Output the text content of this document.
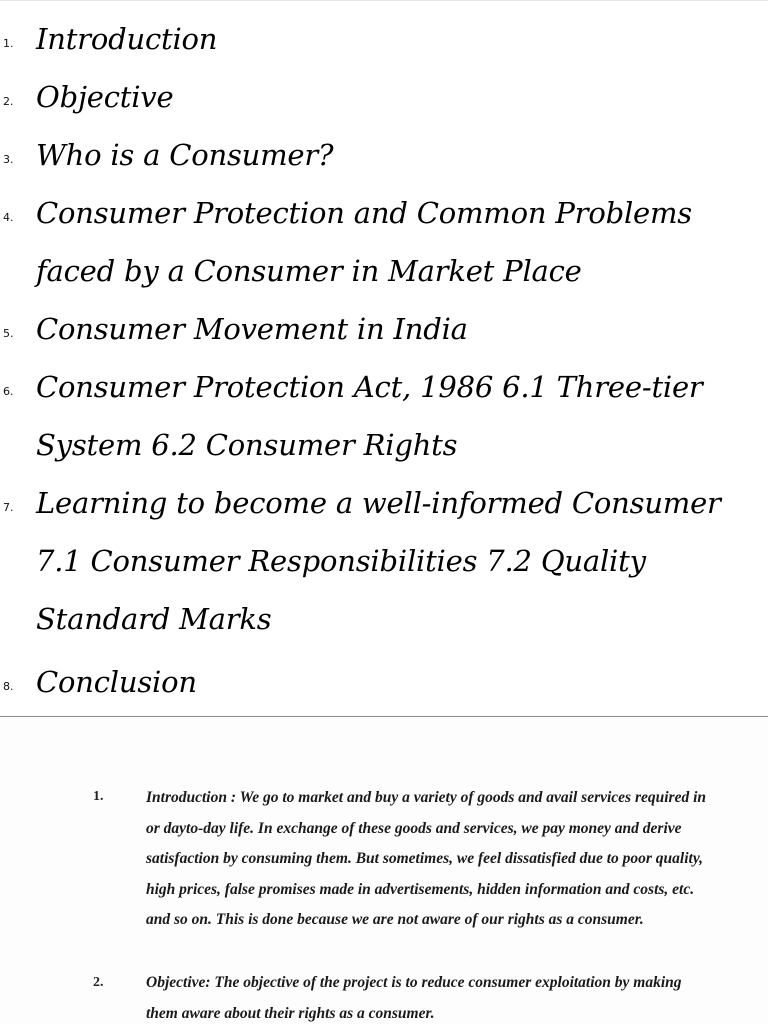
1. Introduction
2. Objective
3. Who is a Consumer?
4. Consumer Protection and Common Problems faced by a Consumer in Market Place
5. Consumer Movement in India
6. Consumer Protection Act, 1986 6.1 Three-tier System 6.2 Consumer Rights
7. Learning to become a well-informed Consumer 7.1 Consumer Responsibilities 7.2 Quality Standard Marks
8. Conclusion
1.	Introduction : We go to market and buy a variety of goods and avail services required in or dayto-day life. In exchange of these goods and services, we pay money and derive satisfaction by consuming them. But sometimes, we feel dissatisfied due to poor quality, high prices, false promises made in advertisements, hidden information and costs, etc. and so on. This is done because we are not aware of our rights as a consumer.
2.	Objective: The objective of the project is to reduce consumer exploitation by making them aware about their rights as a consumer.
